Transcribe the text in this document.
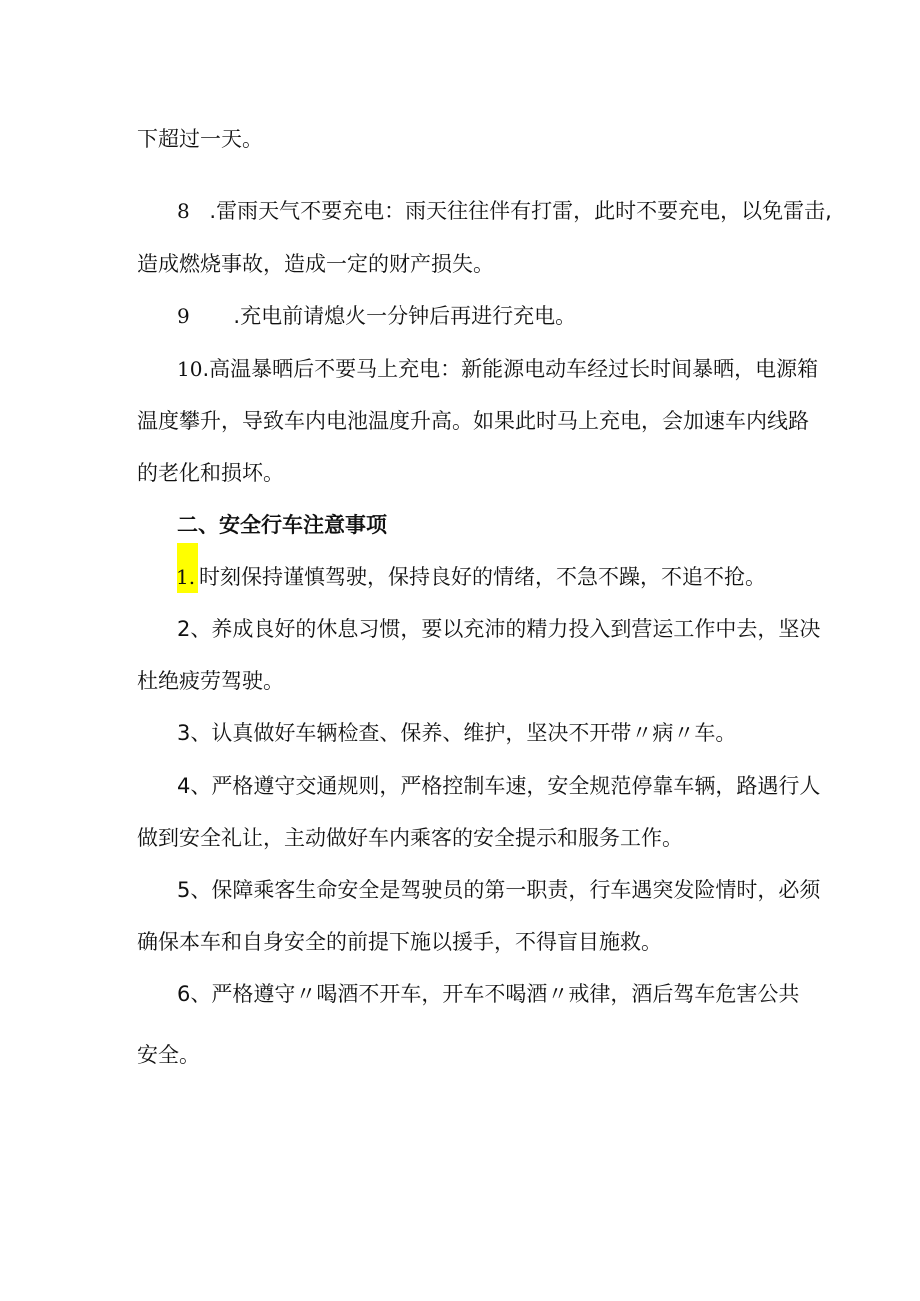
下超过一天。
8 .雷雨天气不要充电：雨天往往伴有打雷，此时不要充电，以免雷击,
造成燃烧事故，造成一定的财产损失。
9 .充电前请熄火一分钟后再进行充电。
10.高温暴晒后不要马上充电：新能源电动车经过长时间暴晒，电源箱
温度攀升，导致车内电池温度升高。如果此时马上充电，会加速车内线路
的老化和损坏。
二、安全行车注意事项
1. 时刻保持谨慎驾驶，保持良好的情绪，不急不躁，不追不抢。
2、养成良好的休息习惯，要以充沛的精力投入到营运工作中去，坚决
杜绝疲劳驾驶。
3、认真做好车辆检查、保养、维护，坚决不开带〃病〃车。
4、严格遵守交通规则，严格控制车速，安全规范停靠车辆，路遇行人
做到安全礼让，主动做好车内乘客的安全提示和服务工作。
5、保障乘客生命安全是驾驶员的第一职责，行车遇突发险情时，必须
确保本车和自身安全的前提下施以援手，不得盲目施救。
6、严格遵守〃喝酒不开车，开车不喝酒〃戒律，酒后驾车危害公共
安全。
